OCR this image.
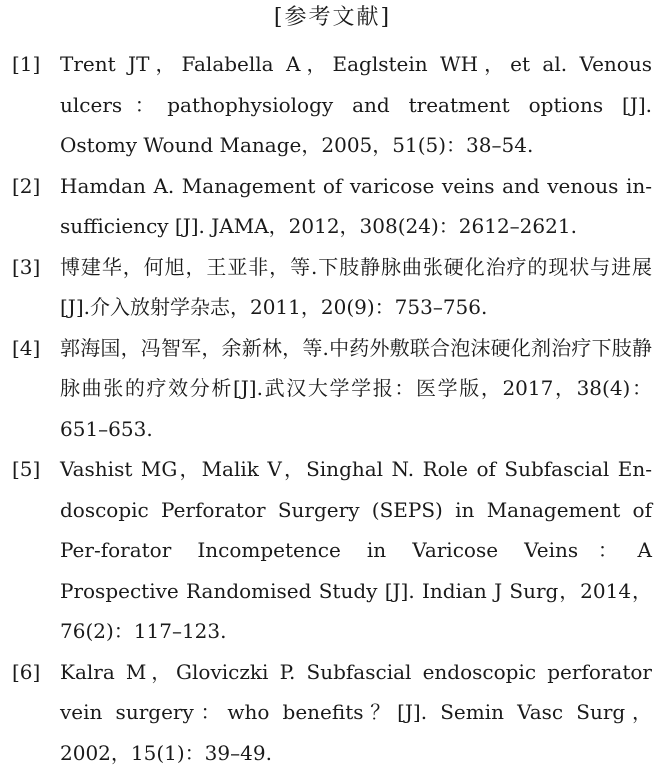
[参考文献]
[1] Trent JT，Falabella A，Eaglstein WH，et al. Venous ulcers：pathophysiology and treatment options [J]. Ostomy Wound Manage，2005，51(5)：38–54.
[2] Hamdan A. Management of varicose veins and venous in-sufficiency [J]. JAMA，2012，308(24)：2612–2621.
[3] 博建华，何旭，王亚非，等.下肢静脉曲张硬化治疗的现状与进展[J].介入放射学杂志，2011，20(9)：753–756.
[4] 郭海国，冯智军，余新林，等.中药外敷联合泡沫硬化剂治疗下肢静脉曲张的疗效分析[J].武汉大学学报：医学版，2017，38(4)：651–653.
[5] Vashist MG，Malik V，Singhal N. Role of Subfascial En-doscopic Perforator Surgery (SEPS) in Management of Per-forator Incompetence in Varicose Veins：A Prospective Randomised Study [J]. Indian J Surg，2014，76(2)：117–123.
[6] Kalra M，Gloviczki P. Subfascial endoscopic perforator vein surgery：who benefits？[J]. Semin Vasc Surg，2002，15(1)：39–49.
